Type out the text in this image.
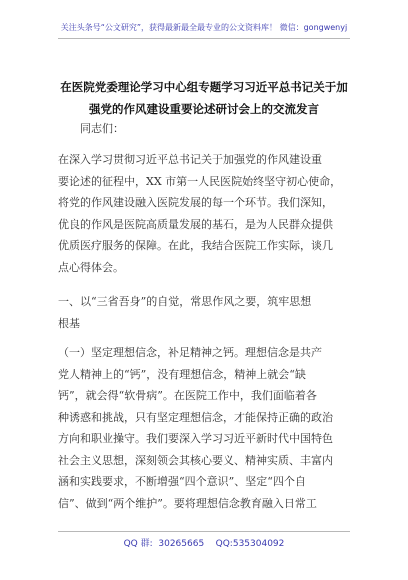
关注头条号“公文研究”，获得最新最全最专业的公文资料库！ 微信：gongwenyj
在医院党委理论学习中心组专题学习习近平总书记关于加
强党的作风建设重要论述研讨会上的交流发言
同志们：
在深入学习贯彻习近平总书记关于加强党的作风建设重
要论述的征程中，XX 市第一人民医院始终坚守初心使命，
将党的作风建设融入医院发展的每一个环节。我们深知，
优良的作风是医院高质量发展的基石，是为人民群众提供
优质医疗服务的保障。在此，我结合医院工作实际，谈几
点心得体会。
一、以“三省吾身”的自觉，常思作风之要，筑牢思想
根基
（一）坚定理想信念，补足精神之钙。理想信念是共产
党人精神上的“钙”，没有理想信念，精神上就会“缺
钙”，就会得“软骨病”。在医院工作中，我们面临着各
种诱惑和挑战，只有坚定理想信念，才能保持正确的政治
方向和职业操守。我们要深入学习习近平新时代中国特色
社会主义思想，深刻领会其核心要义、精神实质、丰富内
涵和实践要求，不断增强“四个意识”、坚定“四个自
信”、做到“两个维护”。要将理想信念教育融入日常工
QQ 群:  30265665 QQ:535304092
